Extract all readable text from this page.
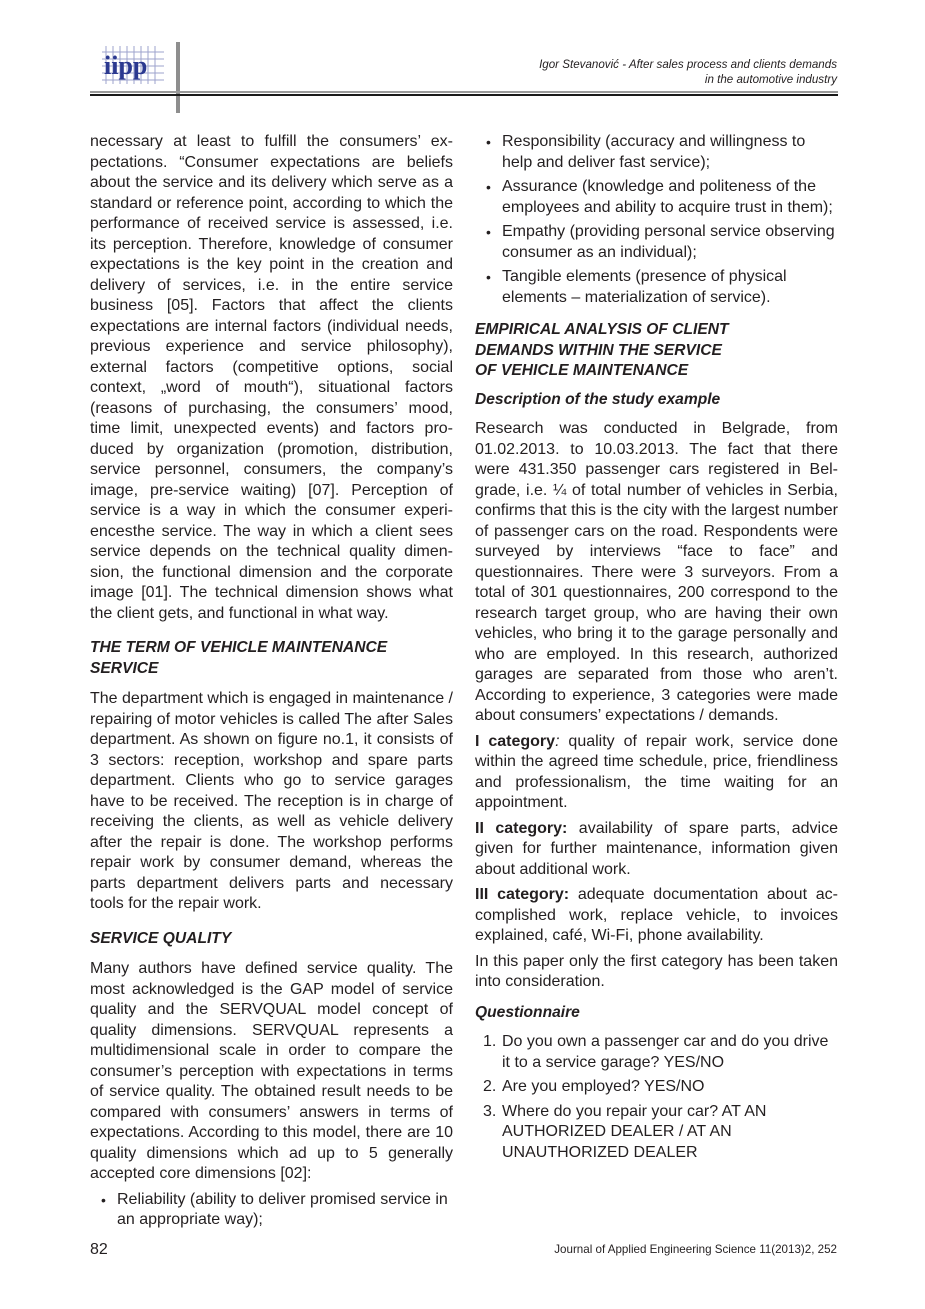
iipp	Igor Stevanović - After sales process and clients demands
in the automotive industry

necessary at least to fulfill the consumers’ expectations. “Consumer expectations are beliefs about the service and its delivery which serve as a standard or reference point, according to which the performance of received service is assessed, i.e. its perception. Therefore, knowledge of consumer expectations is the key point in the creation and delivery of services, i.e. in the entire service business [05]. Factors that affect the clients expectations are internal factors (individual needs, previous experience and service philosophy), external factors (competitive options, social context, „word of mouth“), situational factors (reasons of purchasing, the consumers’ mood, time limit, unexpected events) and factors produced by organization (promotion, distribution, service personnel, consumers, the company’s image, pre-service waiting) [07]. Perception of service is a way in which the consumer experiencesthe service. The way in which a client sees service depends on the technical quality dimension, the functional dimension and the corporate image [01]. The technical dimension shows what the client gets, and functional in what way.

THE TERM OF VEHICLE MAINTENANCE SERVICE

The department which is engaged in maintenance / repairing of motor vehicles is called The after Sales department. As shown on figure no.1, it consists of 3 sectors: reception, workshop and spare parts department. Clients who go to service garages have to be received. The reception is in charge of receiving the clients, as well as vehicle delivery after the repair is done. The workshop performs repair work by consumer demand, whereas the parts department delivers parts and necessary tools for the repair work.

SERVICE QUALITY

Many authors have defined service quality. The most acknowledged is the GAP model of service quality and the SERVQUAL model concept of quality dimensions. SERVQUAL represents a multidimensional scale in order to compare the consumer’s perception with expectations in terms of service quality. The obtained result needs to be compared with consumers’ answers in terms of expectations. According to this model, there are 10 quality dimensions which ad up to 5 generally accepted core dimensions [02]:

• Reliability (ability to deliver promised service in an appropriate way);
• Responsibility (accuracy and willingness to help and deliver fast service);
• Assurance (knowledge and politeness of the employees and ability to acquire trust in them);
• Empathy (providing personal service observing consumer as an individual);
• Tangible elements (presence of physical elements – materialization of service).
EMPIRICAL ANALYSIS OF CLIENT
DEMANDS WITHIN THE SERVICE
OF VEHICLE MAINTENANCE
Description of the study example

Research was conducted in Belgrade, from 01.02.2013. to 10.03.2013. The fact that there were 431.350 passenger cars registered in Belgrade, i.e. ¼ of total number of vehicles in Serbia, confirms that this is the city with the largest number of passenger cars on the road. Respondents were surveyed by interviews “face to face” and questionnaires. There were 3 surveyors. From a total of 301 questionnaires, 200 correspond to the research target group, who are having their own vehicles, who bring it to the garage personally and who are employed. In this research, authorized garages are separated from those who aren’t. According to experience, 3 categories were made about consumers’ expectations / demands.

I category: quality of repair work, service done within the agreed time schedule, price, friendliness and professionalism, the time waiting for an appointment.

II category: availability of spare parts, advice given for further maintenance, information given about additional work.

III category: adequate documentation about accomplished work, replace vehicle, to invoices explained, café, Wi-Fi, phone availability.

In this paper only the first category has been taken into consideration.

Questionnaire
1. Do you own a passenger car and do you drive it to a service garage? YES/NO
2. Are you employed? YES/NO
3. Where do you repair your car? AT AN AUTHORIZED DEALER / AT AN UNAUTHORIZED DEALER
82	Journal of Applied Engineering Science 11(2013)2, 252
